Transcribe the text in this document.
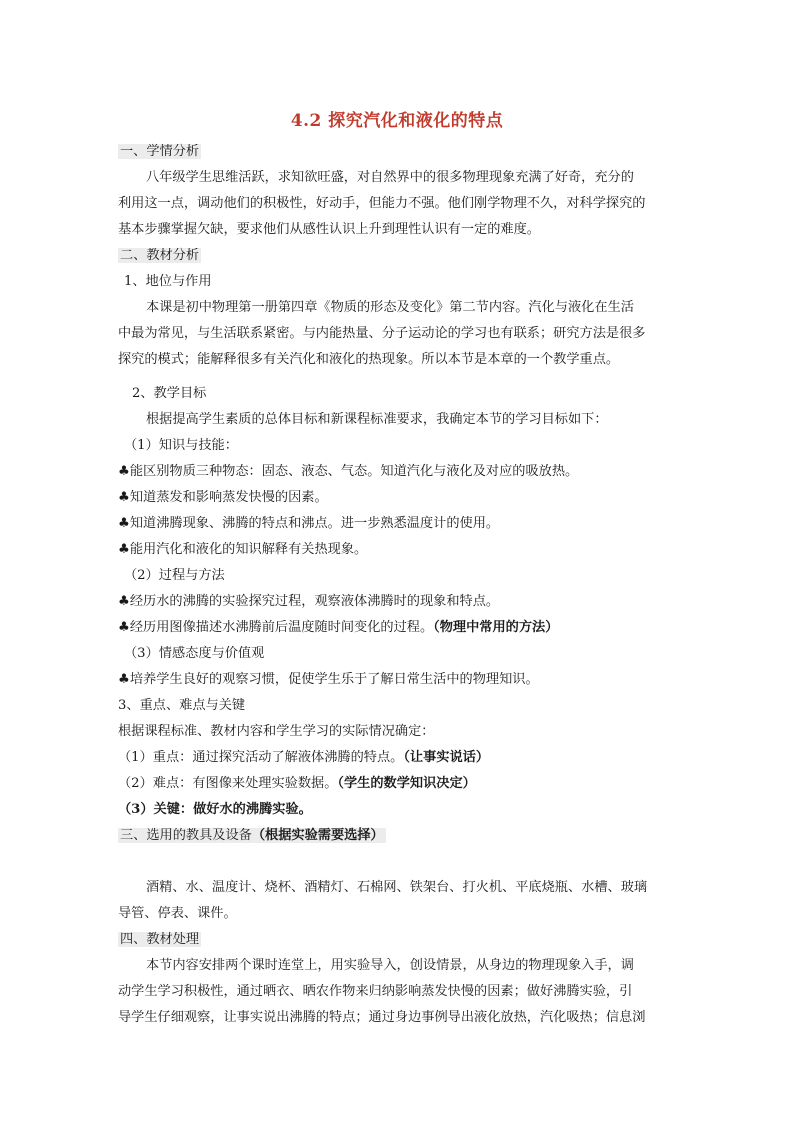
4.2 探究汽化和液化的特点
一、学情分析
八年级学生思维活跃，求知欲旺盛，对自然界中的很多物理现象充满了好奇，充分的
利用这一点，调动他们的积极性，好动手，但能力不强。他们刚学物理不久，对科学探究的
基本步骤掌握欠缺，要求他们从感性认识上升到理性认识有一定的难度。
二、教材分析
1、地位与作用
本课是初中物理第一册第四章《物质的形态及变化》第二节内容。汽化与液化在生活
中最为常见，与生活联系紧密。与内能热量、分子运动论的学习也有联系；研究方法是很多
探究的模式；能解释很多有关汽化和液化的热现象。所以本节是本章的一个教学重点。
2、教学目标
根据提高学生素质的总体目标和新课程标准要求，我确定本节的学习目标如下：
（1）知识与技能：
♣能区别物质三种物态：固态、液态、气态。知道汽化与液化及对应的吸放热。
♣知道蒸发和影响蒸发快慢的因素。
♣知道沸腾现象、沸腾的特点和沸点。进一步熟悉温度计的使用。
♣能用汽化和液化的知识解释有关热现象。
（2）过程与方法
♣经历水的沸腾的实验探究过程，观察液体沸腾时的现象和特点。
♣经历用图像描述水沸腾前后温度随时间变化的过程。（物理中常用的方法）
（3）情感态度与价值观
♣培养学生良好的观察习惯，促使学生乐于了解日常生活中的物理知识。
3、重点、难点与关键
根据课程标准、教材内容和学生学习的实际情况确定：
（1）重点：通过探究活动了解液体沸腾的特点。（让事实说话）
（2）难点：有图像来处理实验数据。（学生的数学知识决定）
（3）关键：做好水的沸腾实验。
三、选用的教具及设备（根据实验需要选择）
酒精、水、温度计、烧杯、酒精灯、石棉网、铁架台、打火机、平底烧瓶、水槽、玻璃
导管、停表、课件。
四、教材处理
本节内容安排两个课时连堂上，用实验导入，创设情景，从身边的物理现象入手，调
动学生学习积极性，通过晒衣、晒农作物来归纳影响蒸发快慢的因素；做好沸腾实验，引
导学生仔细观察，让事实说出沸腾的特点；通过身边事例导出液化放热，汽化吸热；信息浏
